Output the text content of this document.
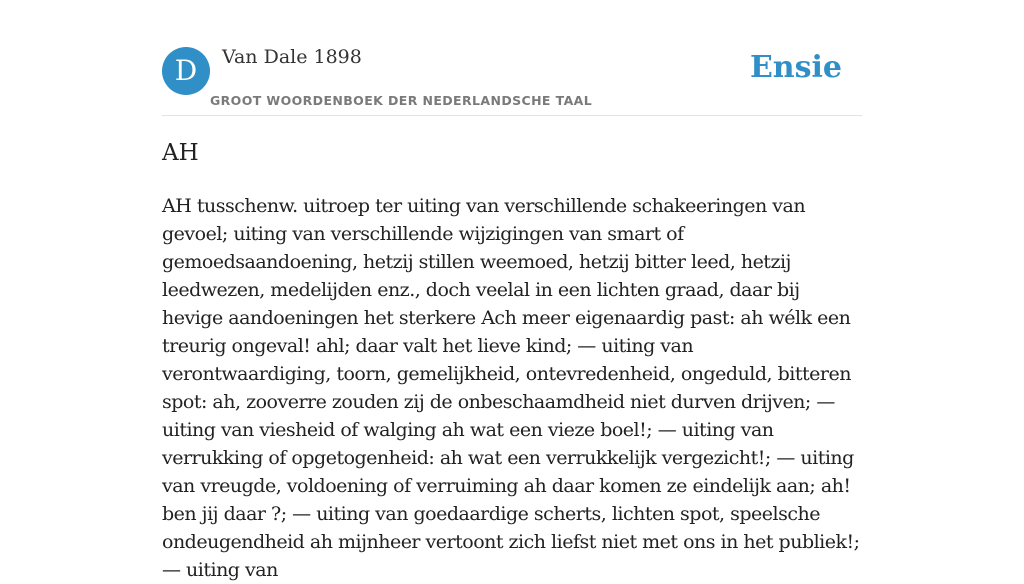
D	Van Dale 1898
GROOT WOORDENBOEK DER NEDERLANDSCHE TAAL
Ensie
AH

AH tusschenw. uitroep ter uiting van verschillende schakeeringen van gevoel; uiting van verschillende wijzigingen van smart of gemoedsaandoening, hetzij stillen weemoed, hetzij bitter leed, hetzij leedwezen, medelijden enz., doch veelal in een lichten graad, daar bij hevige aandoeningen het sterkere Ach meer eigenaardig past: ah wélk een treurig ongeval! ahl; daar valt het lieve kind; — uiting van verontwaardiging, toorn, gemelijkheid, ontevredenheid, ongeduld, bitteren spot: ah, zooverre zouden zij de onbeschaamdheid niet durven drijven; — uiting van viesheid of walging ah wat een vieze boel!; — uiting van verrukking of opgetogenheid: ah wat een verrukkelijk vergezicht!; — uiting van vreugde, voldoening of verruiming ah daar komen ze eindelijk aan; ah! ben jij daar ?; — uiting van goedaardige scherts, lichten spot, speelsche ondeugendheid ah mijnheer vertoont zich liefst niet met ons in het publiek!; — uiting van
